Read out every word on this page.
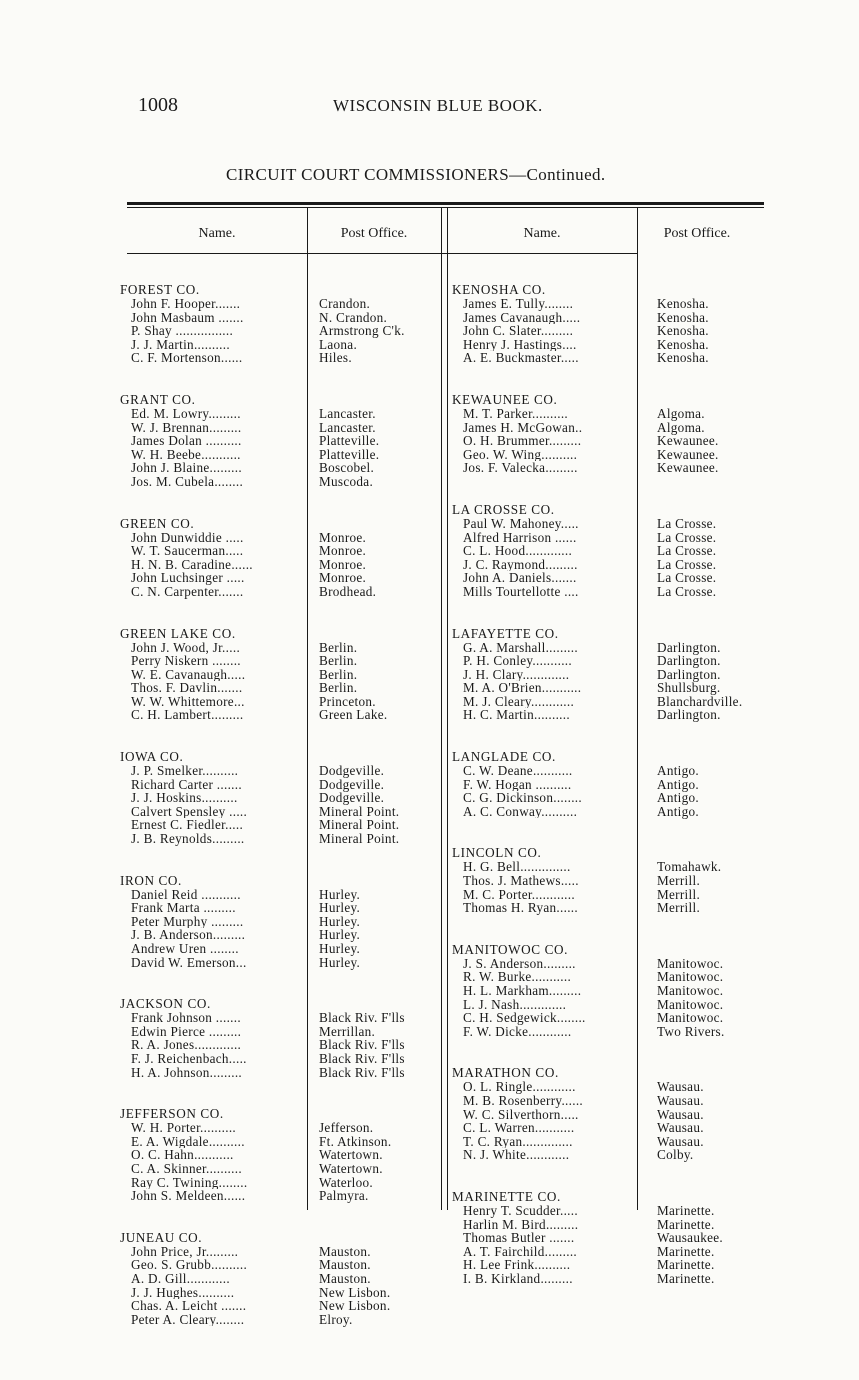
1008	WISCONSIN BLUE BOOK.
CIRCUIT COURT COMMISSIONERS—Continued.
Name.	Post Office.	Name.	Post Office.
FOREST CO.
John F. Hooper.......	Crandon.
John Masbaum .......	N. Crandon.
P. Shay ................	Armstrong C'k.
J. J. Martin..........	Laona.
C. F. Mortenson......	Hiles.
GRANT CO.
Ed. M. Lowry.........	Lancaster.
W. J. Brennan.........	Lancaster.
James Dolan ..........	Platteville.
W. H. Beebe...........	Platteville.
John J. Blaine.........	Boscobel.
Jos. M. Cubela........	Muscoda.
GREEN CO.
John Dunwiddie .....	Monroe.
W. T. Saucerman.....	Monroe.
H. N. B. Caradine......	Monroe.
John Luchsinger .....	Monroe.
C. N. Carpenter.......	Brodhead.
GREEN LAKE CO.
John J. Wood, Jr.....	Berlin.
Perry Niskern ........	Berlin.
W. E. Cavanaugh.....	Berlin.
Thos. F. Davlin.......	Berlin.
W. W. Whittemore...	Princeton.
C. H. Lambert.........	Green Lake.
IOWA CO.
J. P. Smelker..........	Dodgeville.
Richard Carter .......	Dodgeville.
J. J. Hoskins..........	Dodgeville.
Calvert Spensley .....	Mineral Point.
Ernest C. Fiedler.....	Mineral Point.
J. B. Reynolds.........	Mineral Point.
IRON CO.
Daniel Reid ...........	Hurley.
Frank Marta .........	Hurley.
Peter Murphy .........	Hurley.
J. B. Anderson.........	Hurley.
Andrew Uren ........	Hurley.
David W. Emerson...	Hurley.
JACKSON CO.
Frank Johnson .......	Black Riv. F'lls
Edwin Pierce .........	Merrillan.
R. A. Jones.............	Black Riv. F'lls
F. J. Reichenbach.....	Black Riv. F'lls
H. A. Johnson.........	Black Riv. F'lls
JEFFERSON CO.
W. H. Porter..........	Jefferson.
E. A. Wigdale..........	Ft. Atkinson.
O. C. Hahn...........	Watertown.
C. A. Skinner..........	Watertown.
Ray C. Twining........	Waterloo.
John S. Meldeen......	Palmyra.
JUNEAU CO.
John Price, Jr.........	Mauston.
Geo. S. Grubb..........	Mauston.
A. D. Gill............	Mauston.
J. J. Hughes..........	New Lisbon.
Chas. A. Leicht .......	New Lisbon.
Peter A. Cleary........	Elroy.
KENOSHA CO.
James E. Tully........	Kenosha.
James Cavanaugh.....	Kenosha.
John C. Slater.........	Kenosha.
Henry J. Hastings....	Kenosha.
A. E. Buckmaster.....	Kenosha.
KEWAUNEE CO.
M. T. Parker..........	Algoma.
James H. McGowan..	Algoma.
O. H. Brummer.........	Kewaunee.
Geo. W. Wing..........	Kewaunee.
Jos. F. Valecka.........	Kewaunee.
LA CROSSE CO.
Paul W. Mahoney.....	La Crosse.
Alfred Harrison ......	La Crosse.
C. L. Hood.............	La Crosse.
J. C. Raymond.........	La Crosse.
John A. Daniels.......	La Crosse.
Mills Tourtellotte ....	La Crosse.
LAFAYETTE CO.
G. A. Marshall.........	Darlington.
P. H. Conley...........	Darlington.
J. H. Clary.............	Darlington.
M. A. O'Brien...........	Shullsburg.
M. J. Cleary............	Blanchardville.
H. C. Martin..........	Darlington.
LANGLADE CO.
C. W. Deane...........	Antigo.
F. W. Hogan ..........	Antigo.
C. G. Dickinson........	Antigo.
A. C. Conway..........	Antigo.
LINCOLN CO.
H. G. Bell..............	Tomahawk.
Thos. J. Mathews.....	Merrill.
M. C. Porter............	Merrill.
Thomas H. Ryan......	Merrill.
MANITOWOC CO.
J. S. Anderson.........	Manitowoc.
R. W. Burke...........	Manitowoc.
H. L. Markham.........	Manitowoc.
L. J. Nash.............	Manitowoc.
C. H. Sedgewick........	Manitowoc.
F. W. Dicke............	Two Rivers.
MARATHON CO.
O. L. Ringle............	Wausau.
M. B. Rosenberry......	Wausau.
W. C. Silverthorn.....	Wausau.
C. L. Warren...........	Wausau.
T. C. Ryan..............	Wausau.
N. J. White............	Colby.
MARINETTE CO.
Henry T. Scudder.....	Marinette.
Harlin M. Bird.........	Marinette.
Thomas Butler .......	Wausaukee.
A. T. Fairchild.........	Marinette.
H. Lee Frink..........	Marinette.
I. B. Kirkland.........	Marinette.
